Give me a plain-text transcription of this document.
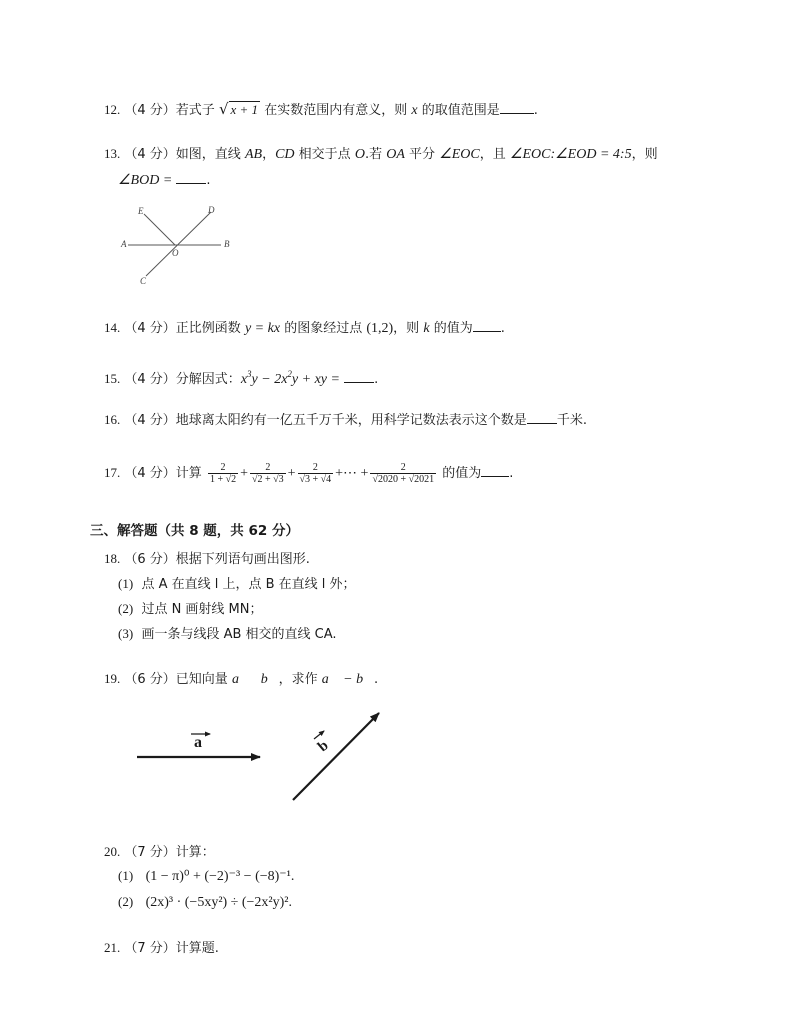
12. （4 分）若式子 √ x + 1 在实数范围内有意义，则 x 的取值范围是	.
13. （4 分）如图，直线 AB，CD 相交于点 O.若 OA 平分 ∠EOC，且 ∠EOC:∠EOD = 4:5，则
∠BOD =	.
E	D
A	B
O
C
14. （4 分）正比例函数 y = kx 的图象经过点 (1,2)，则 k 的值为 .
15. （4 分）分解因式：$x^3y - 2x^2y$ + xy =	.
16. （4 分）地球离太阳约有一亿五千万千米，用科学记数法表示这个数是 千米.
17. （4 分）计算 $\frac{2}{1 + √2} + \frac{2}{√2 + √3} + \frac{2}{√3 + √4}$ +⋯ + $\frac{2}{√2020 + √2021}$ 的值为 .
三、解答题（共 8 题，共 62 分）
18. （6 分）根据下列语句画出图形.
(1) 点 A 在直线 l 上，点 B 在直线 l 外；
(2) 过点 N 画射线 MN；
(3) 画一条与线段 AB 相交的直线 CA.
19. （6 分）已知向量 a⃗，b⃗，求作 a⃗ − b⃗.
a	b
20. （7 分）计算：
(1) (1 − π)⁰ + (−2)⁻³ − (−8)⁻¹.
(2) (2x)³ · (−5xy²) ÷ (−2x²y)².
21. （7 分）计算题.
